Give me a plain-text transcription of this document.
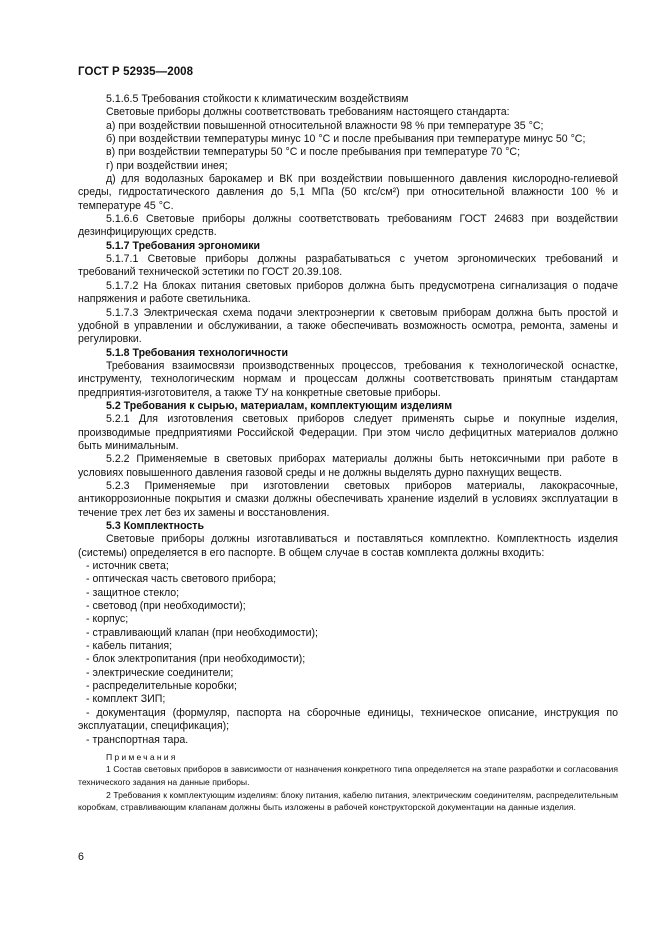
ГОСТ Р 52935—2008

5.1.6.5 Требования стойкости к климатическим воздействиям

Световые приборы должны соответствовать требованиям настоящего стандарта:

а) при воздействии повышенной относительной влажности 98 % при температуре 35 °С;

б) при воздействии температуры минус 10 °С и после пребывания при температуре минус 50 °С;

в) при воздействии температуры 50 °С и после пребывания при температуре 70 °С;

г) при воздействии инея;

д) для водолазных барокамер и ВК при воздействии повышенного давления кислородно-гелиевой среды, гидростатического давления до 5,1 МПа (50 кгс/см²) при относительной влажности 100 % и температуре 45 °С.

5.1.6.6 Световые приборы должны соответствовать требованиям ГОСТ 24683 при воздействии дезинфицирующих средств.

5.1.7 Требования эргономики

5.1.7.1 Световые приборы должны разрабатываться с учетом эргономических требований и требований технической эстетики по ГОСТ 20.39.108.

5.1.7.2 На блоках питания световых приборов должна быть предусмотрена сигнализация о подаче напряжения и работе светильника.

5.1.7.3 Электрическая схема подачи электроэнергии к световым приборам должна быть простой и удобной в управлении и обслуживании, а также обеспечивать возможность осмотра, ремонта, замены и регулировки.

5.1.8 Требования технологичности

Требования взаимосвязи производственных процессов, требования к технологической оснастке, инструменту, технологическим нормам и процессам должны соответствовать принятым стандартам предприятия-изготовителя, а также ТУ на конкретные световые приборы.

5.2 Требования к сырью, материалам, комплектующим изделиям

5.2.1 Для изготовления световых приборов следует применять сырье и покупные изделия, производимые предприятиями Российской Федерации. При этом число дефицитных материалов должно быть минимальным.

5.2.2 Применяемые в световых приборах материалы должны быть нетоксичными при работе в условиях повышенного давления газовой среды и не должны выделять дурно пахнущих веществ.

5.2.3 Применяемые при изготовлении световых приборов материалы, лакокрасочные, антикоррозионные покрытия и смазки должны обеспечивать хранение изделий в условиях эксплуатации в течение трех лет без их замены и восстановления.

5.3 Комплектность

Световые приборы должны изготавливаться и поставляться комплектно. Комплектность изделия (системы) определяется в его паспорте. В общем случае в состав комплекта должны входить:

- источник света;

- оптическая часть светового прибора;

- защитное стекло;

- световод (при необходимости);

- корпус;

- стравливающий клапан (при необходимости);

- кабель питания;

- блок электропитания (при необходимости);

- электрические соединители;

- распределительные коробки;

- комплект ЗИП;

- документация (формуляр, паспорта на сборочные единицы, техническое описание, инструкция по эксплуатации, спецификация);

- транспортная тара.

Примечания

1 Состав световых приборов в зависимости от назначения конкретного типа определяется на этапе разработки и согласования технического задания на данные приборы.

2 Требования к комплектующим изделиям: блоку питания, кабелю питания, электрическим соединителям, распределительным коробкам, стравливающим клапанам должны быть изложены в рабочей конструкторской документации на данные изделия.

6
